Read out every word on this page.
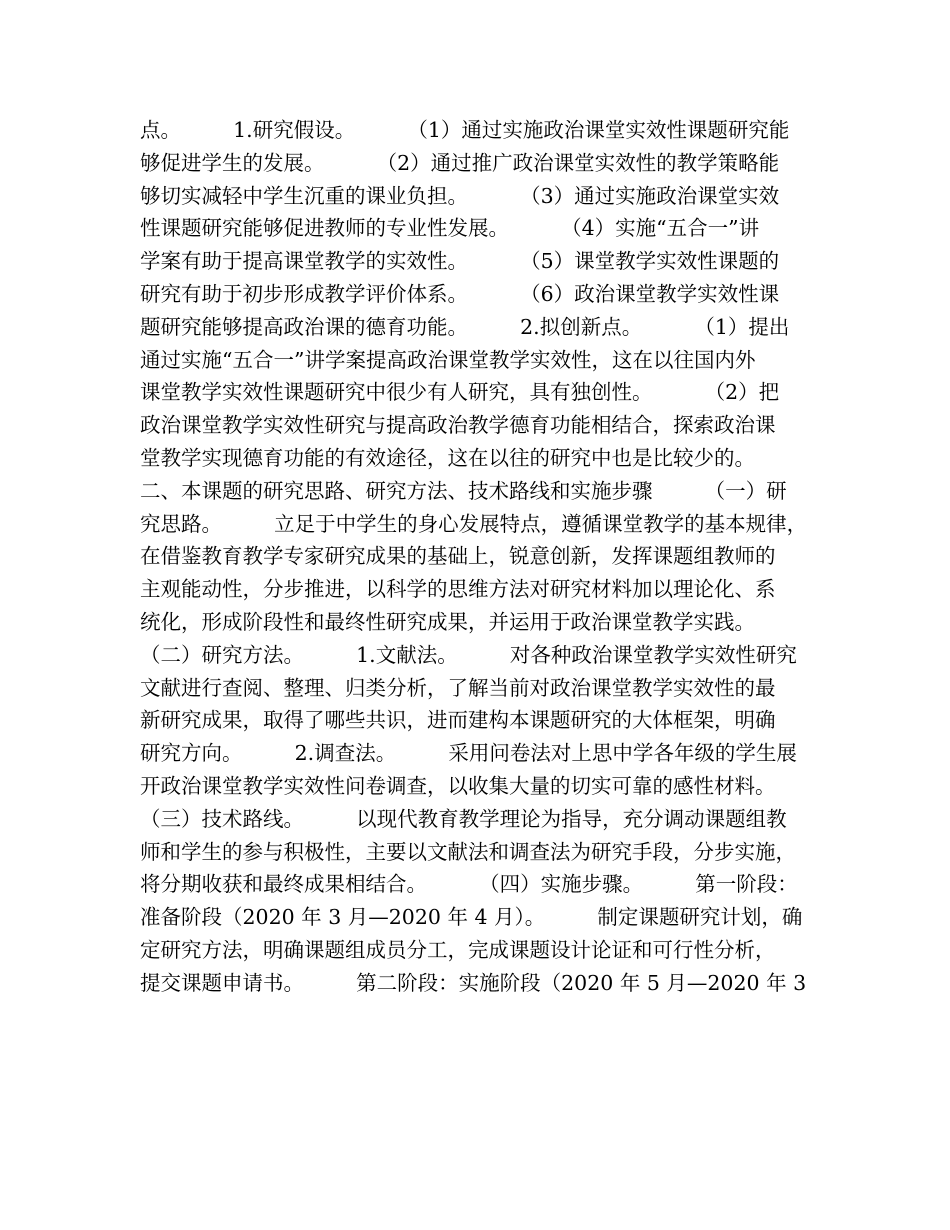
点。        1.研究假设。        （1）通过实施政治课堂实效性课题研究能
够促进学生的发展。        （2）通过推广政治课堂实效性的教学策略能
够切实减轻中学生沉重的课业负担。        （3）通过实施政治课堂实效
性课题研究能够促进教师的专业性发展。        （4）实施“五合一”讲
学案有助于提高课堂教学的实效性。        （5）课堂教学实效性课题的
研究有助于初步形成教学评价体系。        （6）政治课堂教学实效性课
题研究能够提高政治课的德育功能。        2.拟创新点。        （1）提出
通过实施“五合一”讲学案提高政治课堂教学实效性，这在以往国内外
课堂教学实效性课题研究中很少有人研究，具有独创性。        （2）把
政治课堂教学实效性研究与提高政治教学德育功能相结合，探索政治课
堂教学实现德育功能的有效途径，这在以往的研究中也是比较少的。
二、本课题的研究思路、研究方法、技术路线和实施步骤        （一）研
究思路。        立足于中学生的身心发展特点，遵循课堂教学的基本规律，
在借鉴教育教学专家研究成果的基础上，锐意创新，发挥课题组教师的
主观能动性，分步推进，以科学的思维方法对研究材料加以理论化、系
统化，形成阶段性和最终性研究成果，并运用于政治课堂教学实践。
（二）研究方法。        1.文献法。        对各种政治课堂教学实效性研究
文献进行查阅、整理、归类分析，了解当前对政治课堂教学实效性的最
新研究成果，取得了哪些共识，进而建构本课题研究的大体框架，明确
研究方向。        2.调查法。        采用问卷法对上思中学各年级的学生展
开政治课堂教学实效性问卷调查，以收集大量的切实可靠的感性材料。
（三）技术路线。        以现代教育教学理论为指导，充分调动课题组教
师和学生的参与积极性，主要以文献法和调查法为研究手段，分步实施，
将分期收获和最终成果相结合。        （四）实施步骤。        第一阶段：
准备阶段（2020 年 3 月—2020 年 4 月）。        制定课题研究计划，确
定研究方法，明确课题组成员分工，完成课题设计论证和可行性分析，
提交课题申请书。        第二阶段：实施阶段（2020 年 5 月—2020 年 3
